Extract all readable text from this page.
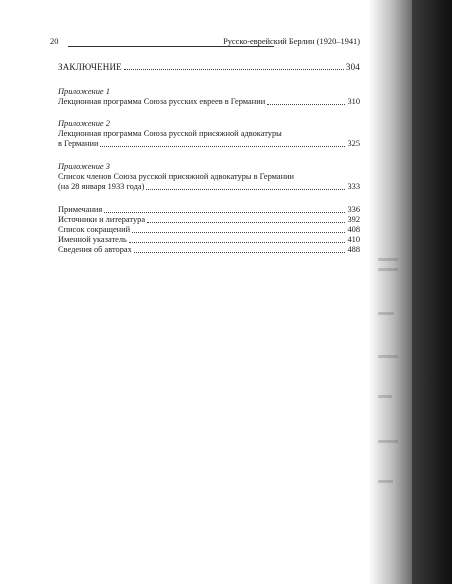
20	Русско-еврейский Берлин (1920–1941)
ЗАКЛЮЧЕНИЕ	304
Приложение 1
Лекционная программа Союза русских евреев в Германии	310
Приложение 2
Лекционная программа Союза русской присяжной адвокатуры
в Германии	325
Приложение 3
Список членов Союза русской присяжной адвокатуры в Германии
(на 28 января 1933 года)	333
Примечания	336
Источники и литература	392
Список сокращений	408
Именной указатель	410
Сведения об авторах	488
